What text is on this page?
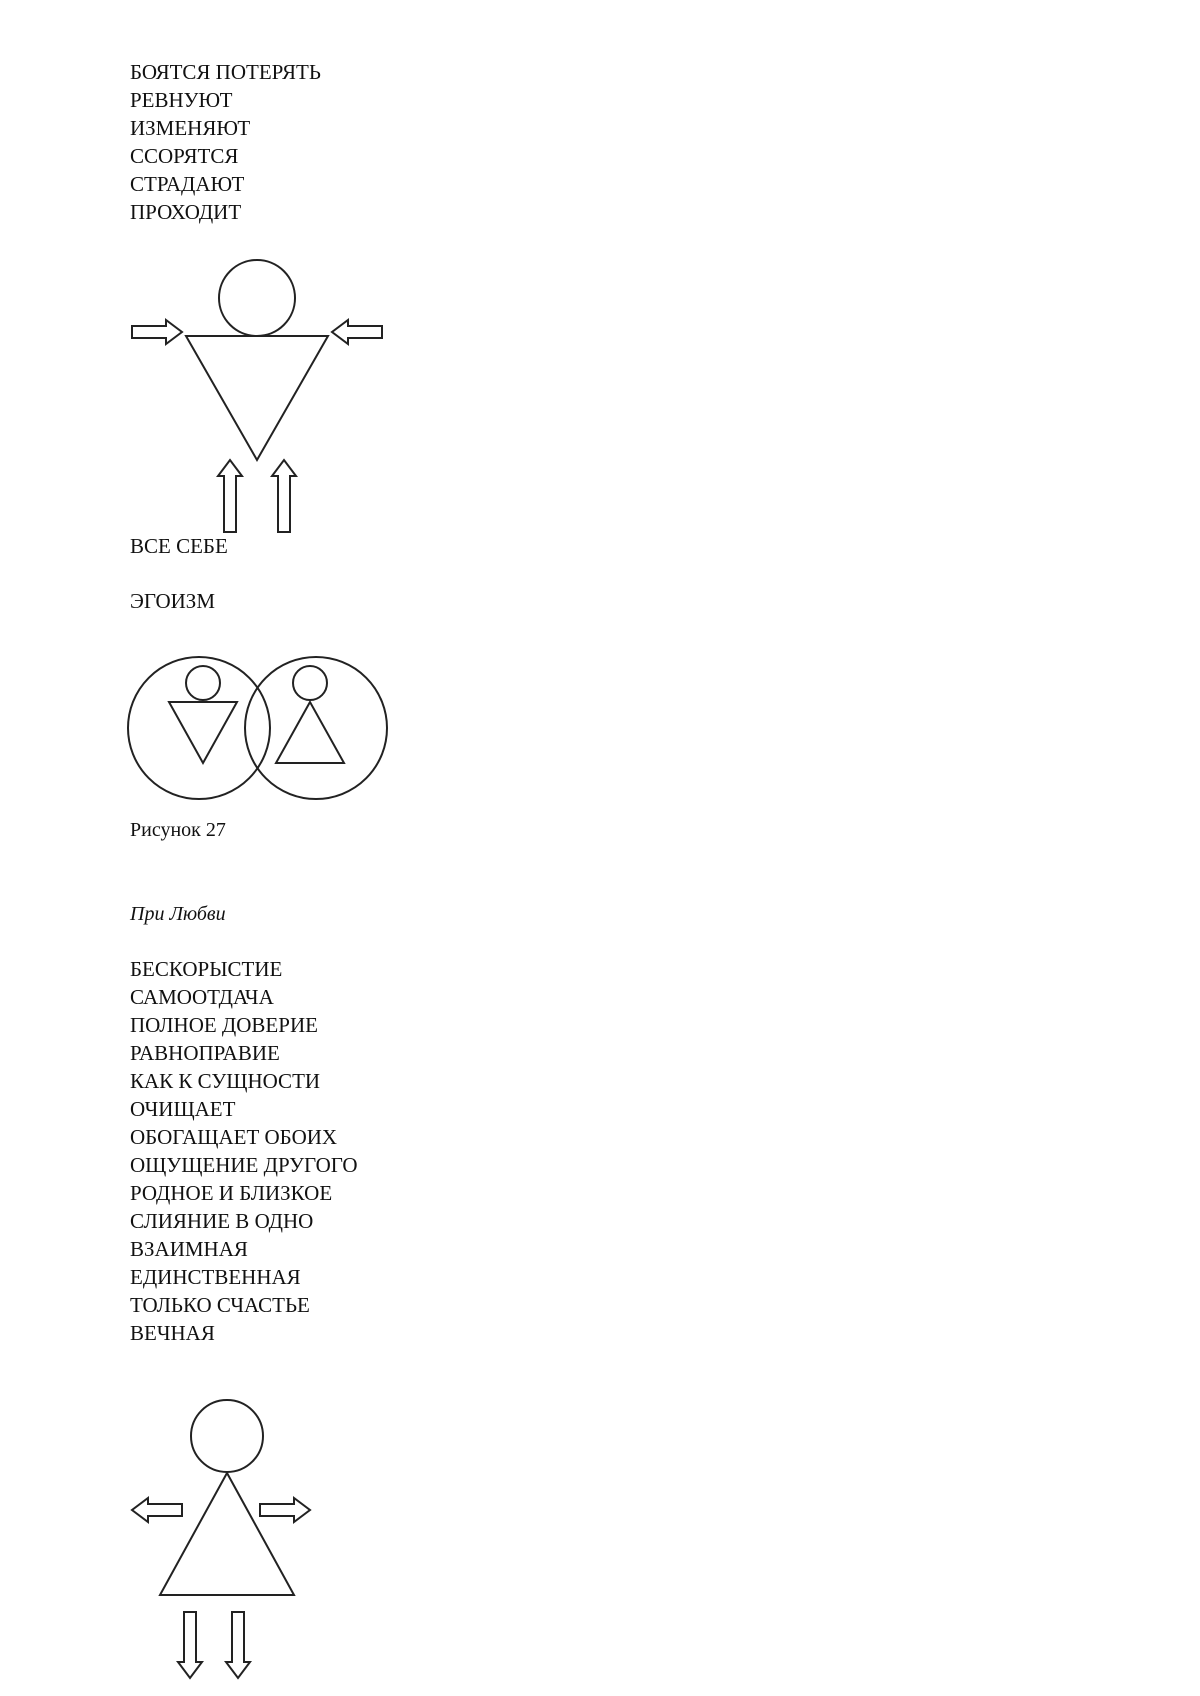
БОЯТСЯ ПОТЕРЯТЬ
РЕВНУЮТ
ИЗМЕНЯЮТ
ССОРЯТСЯ
СТРАДАЮТ
ПРОХОДИТ

ВСЕ СЕБЕ

ЭГОИЗМ

Рисунок 27

При Любви

БЕСКОРЫСТИЕ
САМООТДАЧА
ПОЛНОЕ ДОВЕРИЕ
РАВНОПРАВИЕ
КАК К СУЩНОСТИ
ОЧИЩАЕТ
ОБОГАЩАЕТ ОБОИХ
ОЩУЩЕНИЕ ДРУГОГО
РОДНОЕ И БЛИЗКОЕ
СЛИЯНИЕ В ОДНО
ВЗАИМНАЯ
ЕДИНСТВЕННАЯ
ТОЛЬКО СЧАСТЬЕ
ВЕЧНАЯ
